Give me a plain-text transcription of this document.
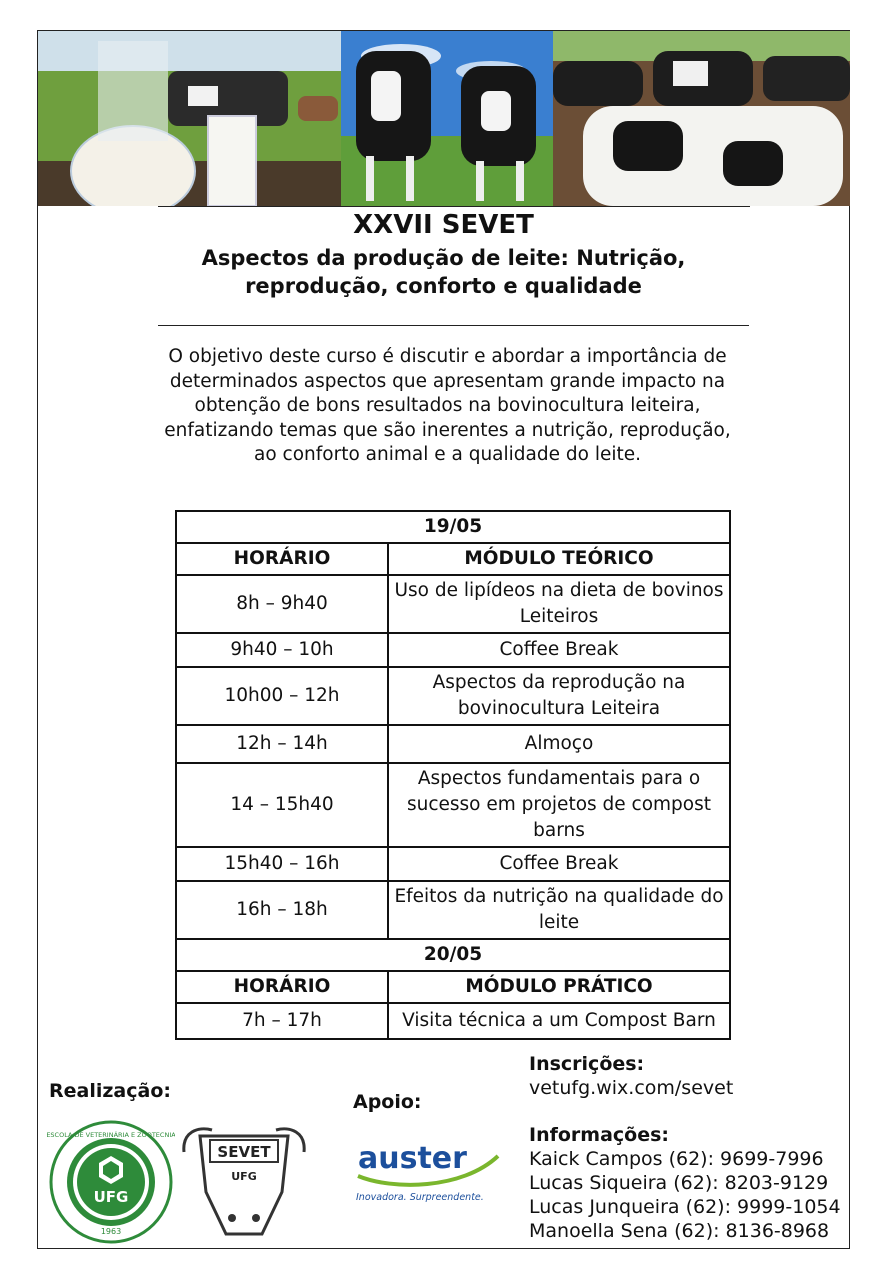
XXVII SEVET
Aspectos da produção de leite: Nutrição,
reprodução, conforto e qualidade
O objetivo deste curso é discutir e abordar a importância de determinados aspectos que apresentam grande impacto na obtenção de bons resultados na bovinocultura leiteira, enfatizando temas que são inerentes a nutrição, reprodução, ao conforto animal e a qualidade do leite.
19/05	
HORÁRIO	MÓDULO TEÓRICO
8h – 9h40	Uso de lipídeos na dieta de bovinos Leiteiros
9h40 – 10h	Coffee Break
10h00 – 12h	Aspectos da reprodução na bovinocultura Leiteira
12h – 14h	Almoço
14 – 15h40	Aspectos fundamentais para o sucesso em projetos de compost barns
15h40 – 16h	Coffee Break
16h – 18h	Efeitos da nutrição na qualidade do leite
20/05	
HORÁRIO	MÓDULO PRÁTICO
7h – 17h	Visita técnica a um Compost Barn
Realização:	Apoio:
Inscrições:
vetufg.wix.com/sevet
Informações:
Kaick Campos (62): 9699-7996
Lucas Siqueira (62): 8203-9129
Lucas Junqueira (62): 9999-1054
Manoella Sena (62): 8136-8968
UFG
ESCOLA DE VETERINÁRIA E ZOOTECNIA
1963
SEVET
UFG
auster
Inovadora. Surpreendente.
